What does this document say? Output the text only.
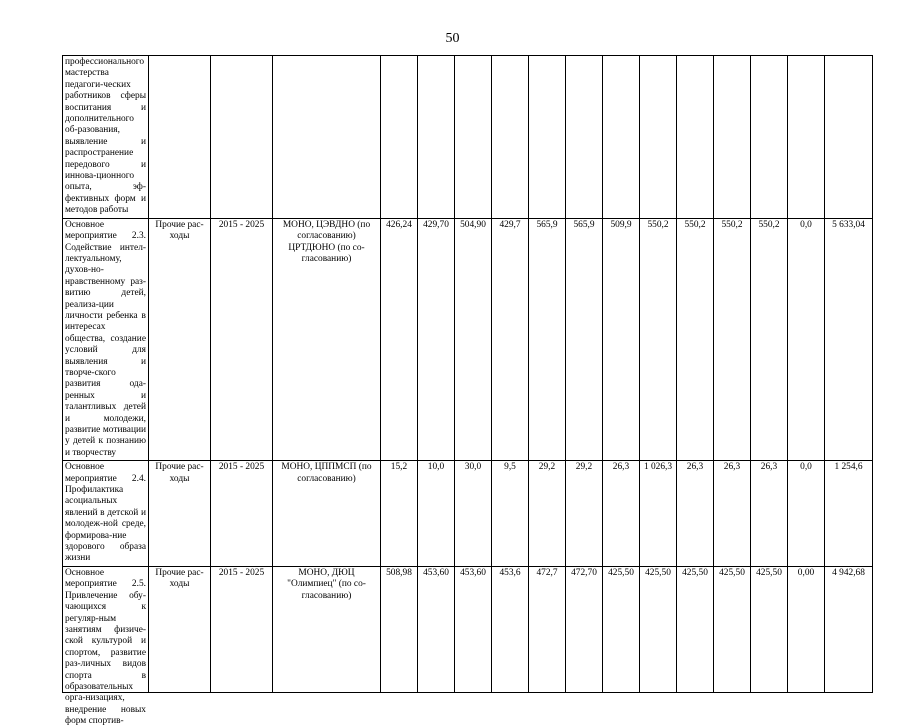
50
профессионального мастерства педагоги-ческих работников сферы воспитания и дополнительного об-разования, выявление и распространение передового и иннова-ционного опыта, эф-фективных форм и методов работы																
Основное мероприятие 2.3. Содействие интел-лектуальному, духов-но-нравственному раз-витию детей, реализа-ции личности ребенка в интересах общества, создание условий для выявления и творче-ского развития ода-ренных и талантливых детей и молодежи, развитие мотивации у детей к познанию и творчеству	Прочие рас-ходы	2015 - 2025	МОНО, ЦЭВДНО (по согласованию) ЦРТДЮНО (по со-гласованию)	426,24	429,70	504,90	429,7	565,9	565,9	509,9	550,2	550,2	550,2	550,2	0,0	5 633,04
Основное мероприятие 2.4. Профилактика асоциальных явлений в детской и молодеж-ной среде, формирова-ние здорового образа жизни	Прочие рас-ходы	2015 - 2025	МОНО, ЦППМСП (по согласованию)	15,2	10,0	30,0	9,5	29,2	29,2	26,3	1 026,3	26,3	26,3	26,3	0,0	1 254,6

Основное мероприятие 2.5. Привлечение обу-чающихся к регуляр-ным занятиям физиче-ской культурой и спортом, развитие раз-личных видов спорта в образовательных орга-низациях, внедрение новых форм спортив-	Прочие рас-ходы	2015 - 2025	МОНО, ДЮЦ "Олимпиец" (по со-гласованию)	508,98	453,60	453,60	453,6	472,7	472,70	425,50	425,50	425,50	425,50	425,50	0,00	4 942,68
